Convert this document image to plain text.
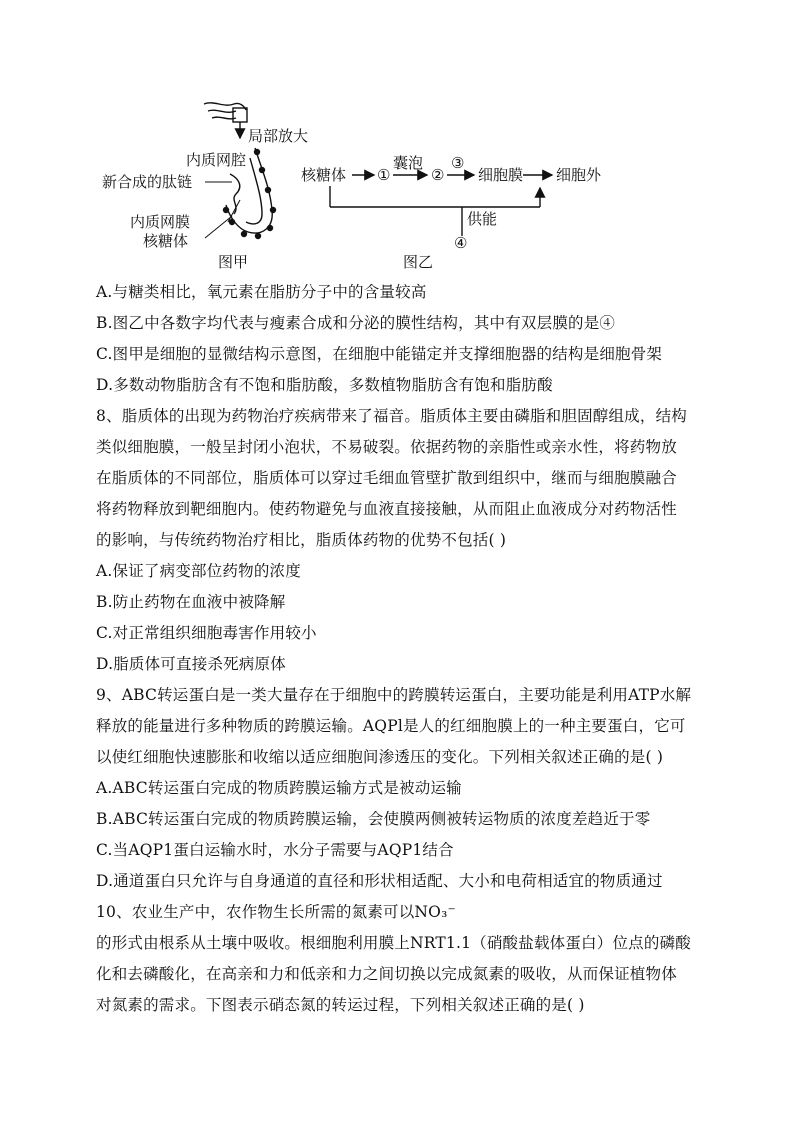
局部放大
内质网腔
新合成的肽链
内质网膜
核糖体
图甲
囊泡 ③
核糖体 ①	② 细胞膜 细胞外
供能
④
图乙
A.与糖类相比，氧元素在脂肪分子中的含量较高
B.图乙中各数字均代表与瘦素合成和分泌的膜性结构，其中有双层膜的是④
C.图甲是细胞的显微结构示意图，在细胞中能锚定并支撑细胞器的结构是细胞骨架
D.多数动物脂肪含有不饱和脂肪酸，多数植物脂肪含有饱和脂肪酸
8、脂质体的出现为药物治疗疾病带来了福音。脂质体主要由磷脂和胆固醇组成，结构
类似细胞膜，一般呈封闭小泡状，不易破裂。依据药物的亲脂性或亲水性，将药物放
在脂质体的不同部位，脂质体可以穿过毛细血管壁扩散到组织中，继而与细胞膜融合
将药物释放到靶细胞内。使药物避免与血液直接接触，从而阻止血液成分对药物活性
的影响，与传统药物治疗相比，脂质体药物的优势不包括( )
A.保证了病变部位药物的浓度
B.防止药物在血液中被降解
C.对正常组织细胞毒害作用较小
D.脂质体可直接杀死病原体
9、ABC转运蛋白是一类大量存在于细胞中的跨膜转运蛋白，主要功能是利用ATP水解
释放的能量进行多种物质的跨膜运输。AQPl是人的红细胞膜上的一种主要蛋白，它可
以使红细胞快速膨胀和收缩以适应细胞间渗透压的变化。下列相关叙述正确的是( )
A.ABC转运蛋白完成的物质跨膜运输方式是被动运输
B.ABC转运蛋白完成的物质跨膜运输，会使膜两侧被转运物质的浓度差趋近于零
C.当AQP1蛋白运输水时，水分子需要与AQP1结合
D.通道蛋白只允许与自身通道的直径和形状相适配、大小和电荷相适宜的物质通过
10、农业生产中，农作物生长所需的氮素可以NO₃⁻
的形式由根系从土壤中吸收。根细胞利用膜上NRT1.1（硝酸盐载体蛋白）位点的磷酸
化和去磷酸化，在高亲和力和低亲和力之间切换以完成氮素的吸收，从而保证植物体
对氮素的需求。下图表示硝态氮的转运过程，下列相关叙述正确的是( )
